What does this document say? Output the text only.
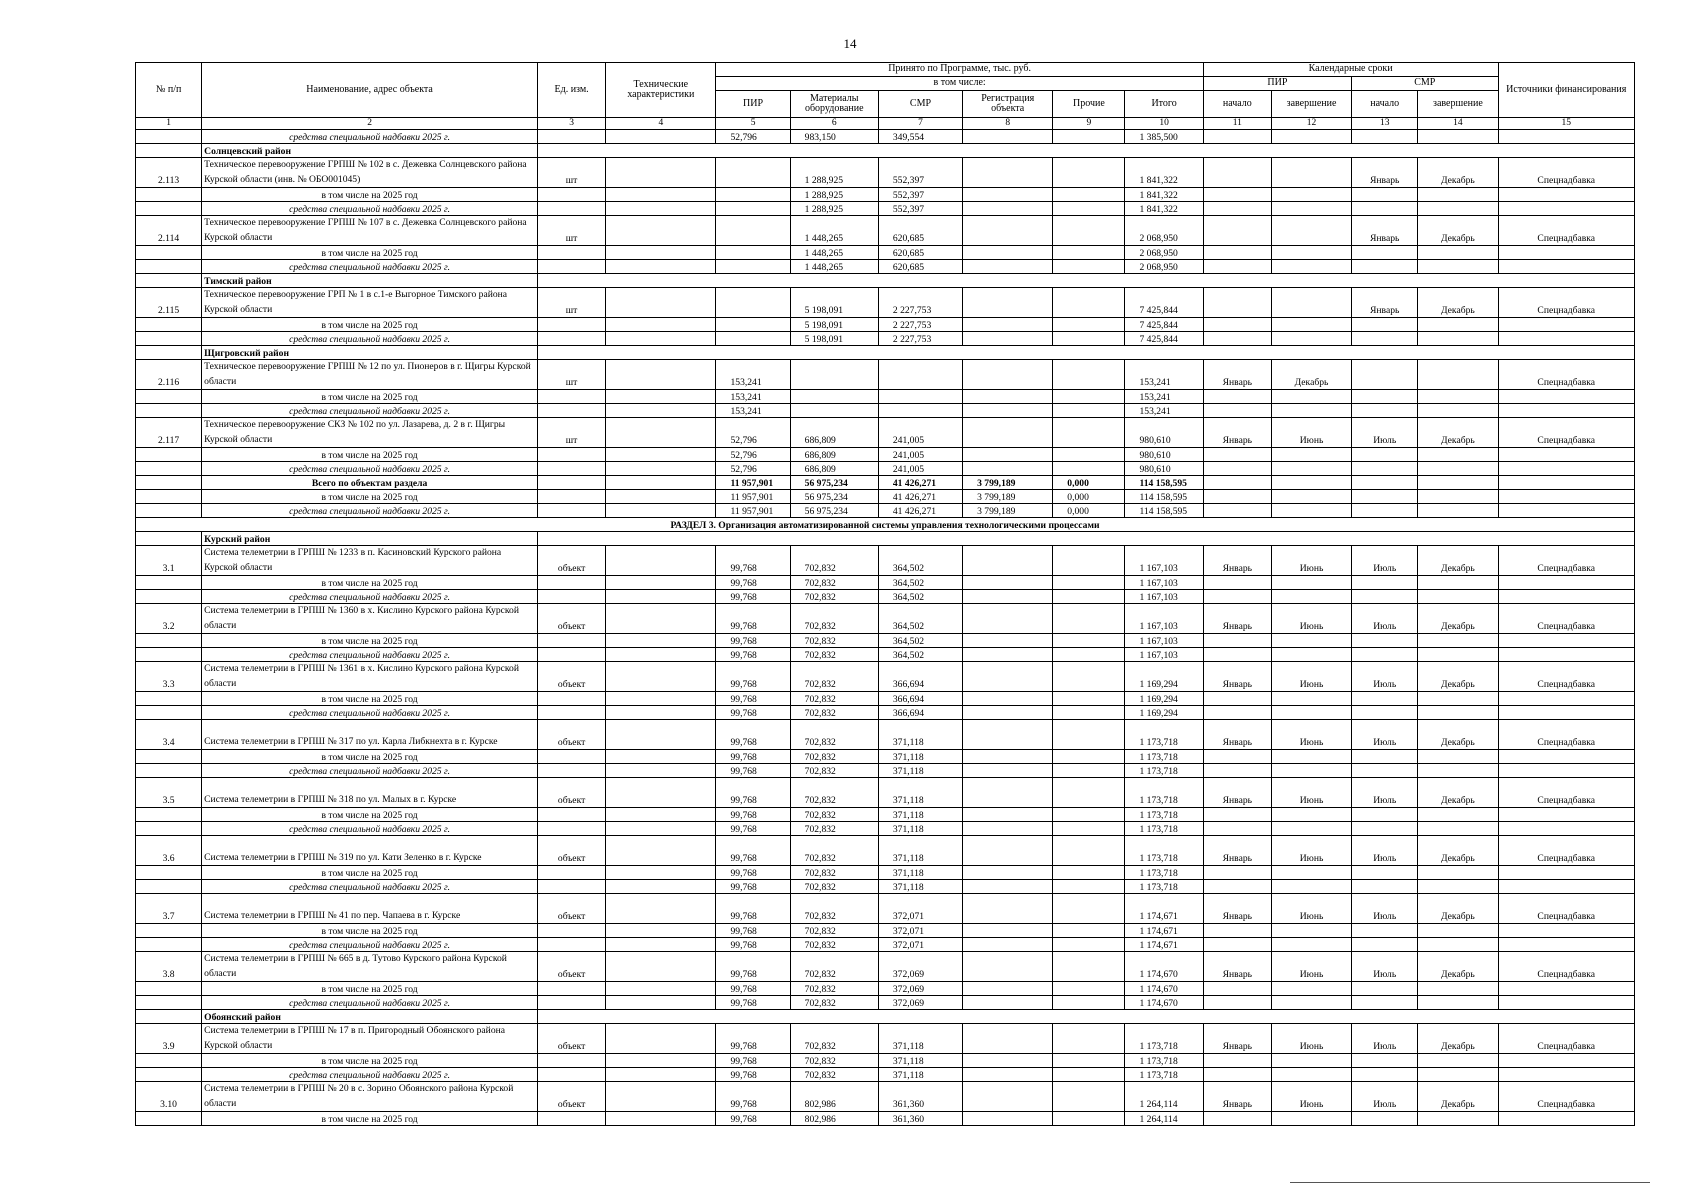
14
№ п/п	Наименование, адрес объекта	Ед. изм.	Технические характеристики	Принято по Программе, тыс. руб.						Календарные сроки				Источники финансирования
				в том числе:						ПИР		СМР		
				ПИР	Материалы оборудование	СМР	Регистрация объекта	Прочие	Итого	начало	завершение	начало	завершение	
1	2	3	4	5	6	7	8	9	10	11	12	13	14	15
	средства специальной надбавки 2025 г.			52,796	983,150	349,554			1 385,500					
	Солнцевский район													
2.113	Техническое перевооружение ГРПШ № 102 в с. Дежевка Солнцевского района Курской области (инв. № ОБО001045)	шт			1 288,925	552,397			1 841,322			Январь	Декабрь	Спецнадбавка
	в том числе на 2025 год				1 288,925	552,397			1 841,322					
	средства специальной надбавки 2025 г.				1 288,925	552,397			1 841,322					
2.114	Техническое перевооружение ГРПШ № 107 в с. Дежевка Солнцевского района Курской области	шт			1 448,265	620,685			2 068,950			Январь	Декабрь	Спецнадбавка
	в том числе на 2025 год				1 448,265	620,685			2 068,950					
	средства специальной надбавки 2025 г.				1 448,265	620,685			2 068,950					
	Тимский район													
2.115	Техническое перевооружение ГРП № 1 в с.1-е Выгорное Тимского района Курской области	шт			5 198,091	2 227,753			7 425,844			Январь	Декабрь	Спецнадбавка
	в том числе на 2025 год				5 198,091	2 227,753			7 425,844					
	средства специальной надбавки 2025 г.				5 198,091	2 227,753			7 425,844					
	Щигровский район													
2.116	Техническое перевооружение ГРПШ № 12 по ул. Пионеров в г. Щигры Курской области	шт		153,241					153,241	Январь	Декабрь			Спецнадбавка
	в том числе на 2025 год			153,241					153,241					
	средства специальной надбавки 2025 г.			153,241					153,241					
2.117	Техническое перевооружение СКЗ № 102 по ул. Лазарева, д. 2 в г. Щигры Курской области	шт		52,796	686,809	241,005			980,610	Январь	Июнь	Июль	Декабрь	Спецнадбавка
	в том числе на 2025 год			52,796	686,809	241,005			980,610					
	средства специальной надбавки 2025 г.			52,796	686,809	241,005			980,610					
	Всего по объектам раздела			11 957,901	56 975,234	41 426,271	3 799,189	0,000	114 158,595					
	в том числе на 2025 год			11 957,901	56 975,234	41 426,271	3 799,189	0,000	114 158,595					
	средства специальной надбавки 2025 г.			11 957,901	56 975,234	41 426,271	3 799,189	0,000	114 158,595					
РАЗДЕЛ 3. Организация автоматизированной системы управления технологическими процессами														
	Курский район													
3.1	Система телеметрии в ГРПШ № 1233 в п. Касиновский Курского района Курской области	объект		99,768	702,832	364,502			1 167,103	Январь	Июнь	Июль	Декабрь	Спецнадбавка
	в том числе на 2025 год			99,768	702,832	364,502			1 167,103					
	средства специальной надбавки 2025 г.			99,768	702,832	364,502			1 167,103					
3.2	Система телеметрии в ГРПШ № 1360 в х. Кислино Курского района Курской области	объект		99,768	702,832	364,502			1 167,103	Январь	Июнь	Июль	Декабрь	Спецнадбавка
	в том числе на 2025 год			99,768	702,832	364,502			1 167,103					
	средства специальной надбавки 2025 г.			99,768	702,832	364,502			1 167,103					
3.3	Система телеметрии в ГРПШ № 1361 в х. Кислино Курского района Курской области	объект		99,768	702,832	366,694			1 169,294	Январь	Июнь	Июль	Декабрь	Спецнадбавка
	в том числе на 2025 год			99,768	702,832	366,694			1 169,294					
	средства специальной надбавки 2025 г.			99,768	702,832	366,694			1 169,294					
3.4	Система телеметрии в ГРПШ № 317 по ул. Карла Либкнехта в г. Курске	объект		99,768	702,832	371,118			1 173,718	Январь	Июнь	Июль	Декабрь	Спецнадбавка
	в том числе на 2025 год			99,768	702,832	371,118			1 173,718					
	средства специальной надбавки 2025 г.			99,768	702,832	371,118			1 173,718					
3.5	Система телеметрии в ГРПШ № 318 по ул. Малых в г. Курске	объект		99,768	702,832	371,118			1 173,718	Январь	Июнь	Июль	Декабрь	Спецнадбавка
	в том числе на 2025 год			99,768	702,832	371,118			1 173,718					
	средства специальной надбавки 2025 г.			99,768	702,832	371,118			1 173,718					
3.6	Система телеметрии в ГРПШ № 319 по ул. Кати Зеленко в г. Курске	объект		99,768	702,832	371,118			1 173,718	Январь	Июнь	Июль	Декабрь	Спецнадбавка
	в том числе на 2025 год			99,768	702,832	371,118			1 173,718					
	средства специальной надбавки 2025 г.			99,768	702,832	371,118			1 173,718					
3.7	Система телеметрии в ГРПШ № 41 по пер. Чапаева в г. Курске	объект		99,768	702,832	372,071			1 174,671	Январь	Июнь	Июль	Декабрь	Спецнадбавка
	в том числе на 2025 год			99,768	702,832	372,071			1 174,671					
	средства специальной надбавки 2025 г.			99,768	702,832	372,071			1 174,671					
3.8	Система телеметрии в ГРПШ № 665 в д. Тутово Курского района Курской области	объект		99,768	702,832	372,069			1 174,670	Январь	Июнь	Июль	Декабрь	Спецнадбавка
	в том числе на 2025 год			99,768	702,832	372,069			1 174,670					
	средства специальной надбавки 2025 г.			99,768	702,832	372,069			1 174,670					
	Обоянский район													
3.9	Система телеметрии в ГРПШ № 17 в п. Пригородный Обоянского района Курской области	объект		99,768	702,832	371,118			1 173,718	Январь	Июнь	Июль	Декабрь	Спецнадбавка
	в том числе на 2025 год			99,768	702,832	371,118			1 173,718					
	средства специальной надбавки 2025 г.			99,768	702,832	371,118			1 173,718					
3.10	Система телеметрии в ГРПШ № 20 в с. Зорино Обоянского района Курской области	объект		99,768	802,986	361,360			1 264,114	Январь	Июнь	Июль	Декабрь	Спецнадбавка
	в том числе на 2025 год			99,768	802,986	361,360			1 264,114					
